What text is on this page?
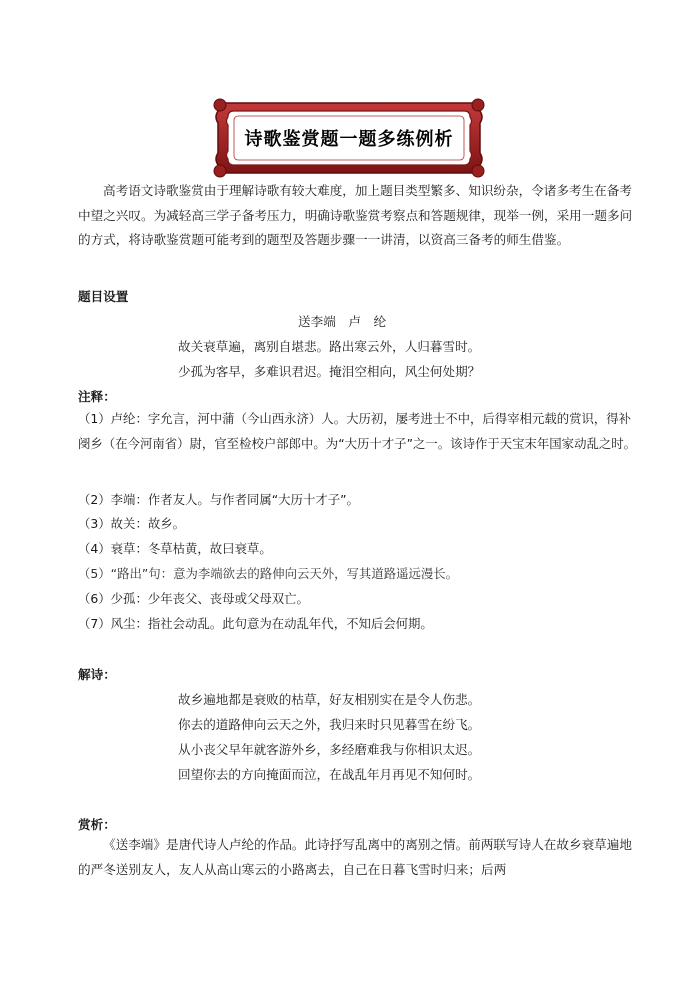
诗歌鉴赏题一题多练例析
高考语文诗歌鉴赏由于理解诗歌有较大难度，加上题目类型繁多、知识纷杂，令诸多考生在备考中望之兴叹。为减轻高三学子备考压力，明确诗歌鉴赏考察点和答题规律，现举一例，采用一题多问的方式，将诗歌鉴赏题可能考到的题型及答题步骤一一讲清，以资高三备考的师生借鉴。
题目设置
送李端　卢　纶
故关衰草遍，离别自堪悲。路出寒云外，人归暮雪时。
少孤为客早，多难识君迟。掩泪空相向，风尘何处期？
注释：
（1）卢纶：字允言，河中蒲（今山西永济）人。大历初，屡考进士不中，后得宰相元载的赏识，得补阌乡（在今河南省）尉，官至检校户部郎中。为“大历十才子”之一。该诗作于天宝末年国家动乱之时。
（2）李端：作者友人。与作者同属“大历十才子”。
（3）故关：故乡。
（4）衰草：冬草枯黄，故曰衰草。
（5）“路出”句：意为李端欲去的路伸向云天外，写其道路遥远漫长。
（6）少孤：少年丧父、丧母或父母双亡。
（7）风尘：指社会动乱。此句意为在动乱年代，不知后会何期。
解诗：
故乡遍地都是衰败的枯草，好友相别实在是令人伤悲。
你去的道路伸向云天之外，我归来时只见暮雪在纷飞。
从小丧父早年就客游外乡，多经磨难我与你相识太迟。
回望你去的方向掩面而泣，在战乱年月再见不知何时。
赏析：
《送李端》是唐代诗人卢纶的作品。此诗抒写乱离中的离别之情。前两联写诗人在故乡衰草遍地的严冬送别友人，友人从高山寒云的小路离去，自己在日暮飞雪时归来；后两
